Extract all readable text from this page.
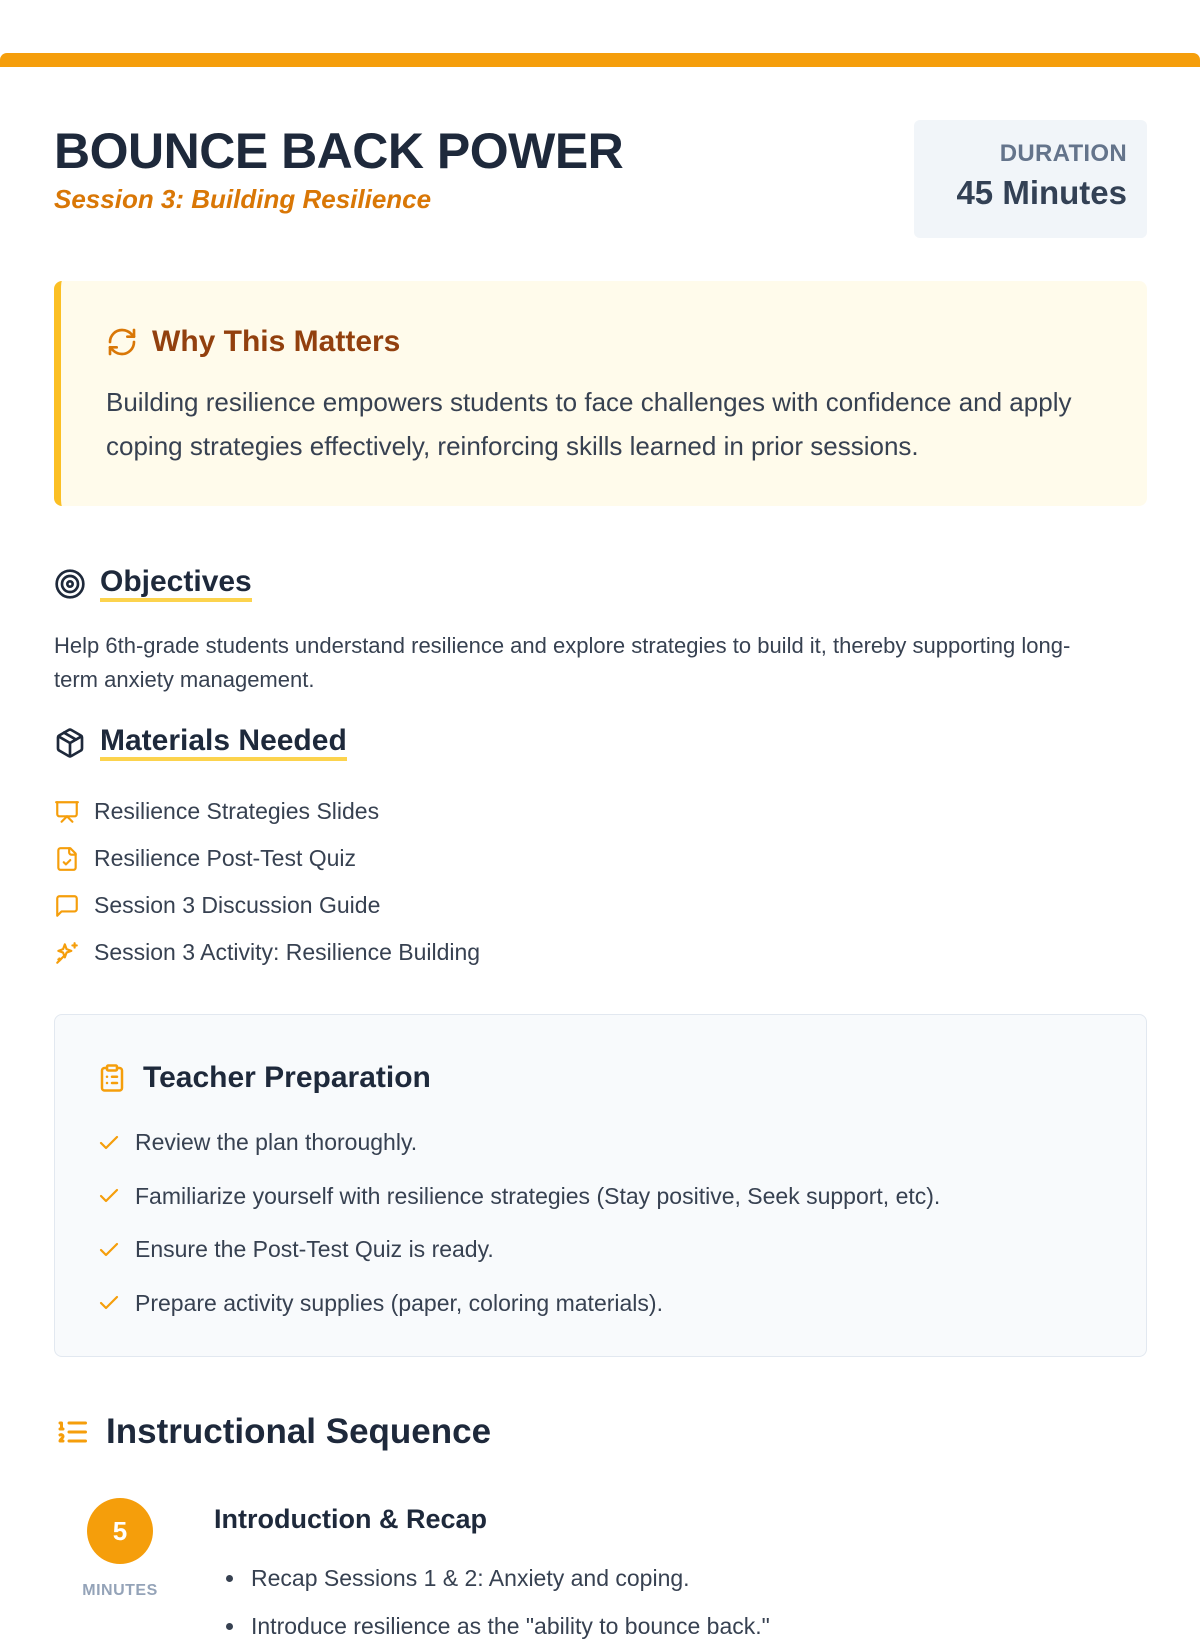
BOUNCE BACK POWER
Session 3: Building Resilience
DURATION
45 Minutes
Why This Matters

Building resilience empowers students to face challenges with confidence and apply coping strategies effectively, reinforcing skills learned in prior sessions.

Objectives

Help 6th-grade students understand resilience and explore strategies to build it, thereby supporting long-term anxiety management.

Materials Needed
Resilience Strategies Slides
Resilience Post-Test Quiz
Session 3 Discussion Guide
Session 3 Activity: Resilience Building
Teacher Preparation
Review the plan thoroughly.
Familiarize yourself with resilience strategies (Stay positive, Seek support, etc).
Ensure the Post-Test Quiz is ready.
Prepare activity supplies (paper, coloring materials).
Instructional Sequence
5
MINUTES
Introduction & Recap
• Recap Sessions 1 & 2: Anxiety and coping.
• Introduce resilience as the "ability to bounce back."
